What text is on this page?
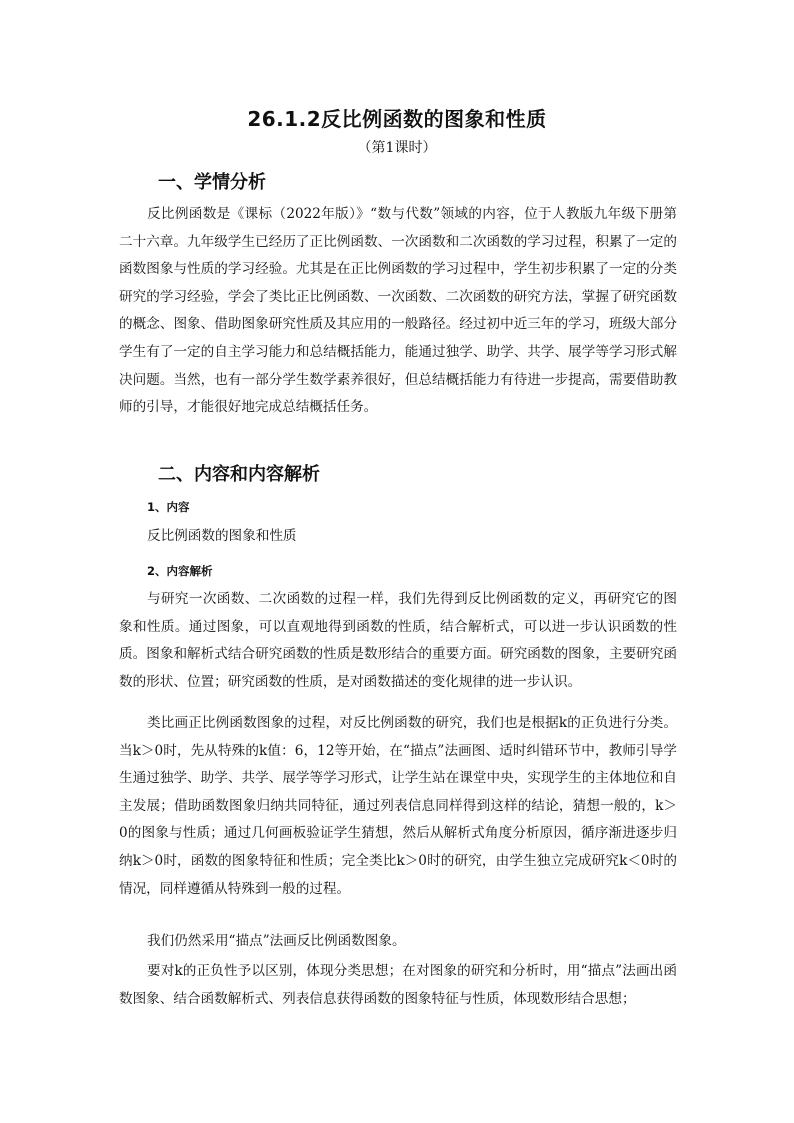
26.1.2反比例函数的图象和性质
（第1课时）
一、学情分析

反比例函数是《课标（2022年版）》“数与代数”领域的内容，位于人教版九年级下册第二十六章。九年级学生已经历了正比例函数、一次函数和二次函数的学习过程，积累了一定的函数图象与性质的学习经验。尤其是在正比例函数的学习过程中，学生初步积累了一定的分类研究的学习经验，学会了类比正比例函数、一次函数、二次函数的研究方法，掌握了研究函数的概念、图象、借助图象研究性质及其应用的一般路径。经过初中近三年的学习，班级大部分学生有了一定的自主学习能力和总结概括能力，能通过独学、助学、共学、展学等学习形式解决问题。当然，也有一部分学生数学素养很好，但总结概括能力有待进一步提高，需要借助教师的引导，才能很好地完成总结概括任务。

二、内容和内容解析
1、内容

反比例函数的图象和性质

2、内容解析

与研究一次函数、二次函数的过程一样，我们先得到反比例函数的定义，再研究它的图象和性质。通过图象，可以直观地得到函数的性质，结合解析式，可以进一步认识函数的性质。图象和解析式结合研究函数的性质是数形结合的重要方面。研究函数的图象，主要研究函数的形状、位置；研究函数的性质，是对函数描述的变化规律的进一步认识。

类比画正比例函数图象的过程，对反比例函数的研究，我们也是根据k的正负进行分类。当k＞0时，先从特殊的k值：6，12等开始，在“描点”法画图、适时纠错环节中，教师引导学生通过独学、助学、共学、展学等学习形式，让学生站在课堂中央，实现学生的主体地位和自主发展；借助函数图象归纳共同特征，通过列表信息同样得到这样的结论，猜想一般的，k＞0的图象与性质；通过几何画板验证学生猜想，然后从解析式角度分析原因，循序渐进逐步归纳k＞0时，函数的图象特征和性质；完全类比k＞0时的研究，由学生独立完成研究k＜0时的情况，同样遵循从特殊到一般的过程。

我们仍然采用“描点”法画反比例函数图象。

要对k的正负性予以区别，体现分类思想；在对图象的研究和分析时，用“描点”法画出函数图象、结合函数解析式、列表信息获得函数的图象特征与性质，体现数形结合思想；
